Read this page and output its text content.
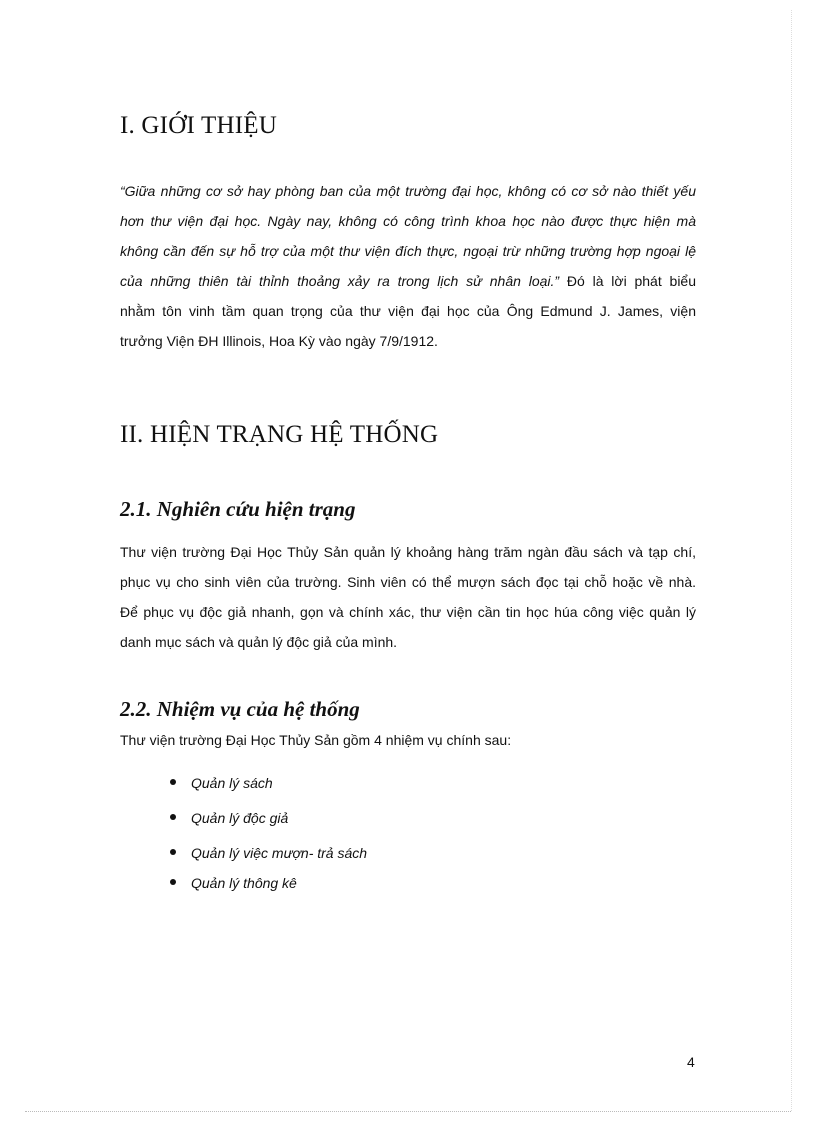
I. GIỚI THIỆU
“Giữa những cơ sở hay phòng ban của một trường đại học, không có cơ sở nào thiết yếu
hơn thư viện đại học. Ngày nay, không có công trình khoa học nào được thực hiện mà
không cần đến sự hỗ trợ của một thư viện đích thực, ngoại trừ những trường hợp ngoại lệ
của những thiên tài thỉnh thoảng xảy ra trong lịch sử nhân loại.” Đó là lời phát biểu
nhằm tôn vinh tầm quan trọng của thư viện đại học của Ông Edmund J. James, viện
trưởng Viện ĐH Illinois, Hoa Kỳ vào ngày 7/9/1912.
II. HIỆN TRẠNG HỆ THỐNG
2.1. Nghiên cứu hiện trạng
Thư viện trường Đại Học Thủy Sản quản lý khoảng hàng trăm ngàn đầu sách và tạp chí,
phục vụ cho sinh viên của trường. Sinh viên có thể mượn sách đọc tại chỗ hoặc về nhà.
Để phục vụ độc giả nhanh, gọn và chính xác, thư viện cần tin học húa công việc quản lý
danh mục sách và quản lý độc giả của mình.
2.2. Nhiệm vụ của hệ thống

Thư viện trường Đại Học Thủy Sản gồm 4 nhiệm vụ chính sau:

Quản lý sách
Quản lý độc giả
Quản lý việc mượn- trả sách
Quản lý thông kê

4
